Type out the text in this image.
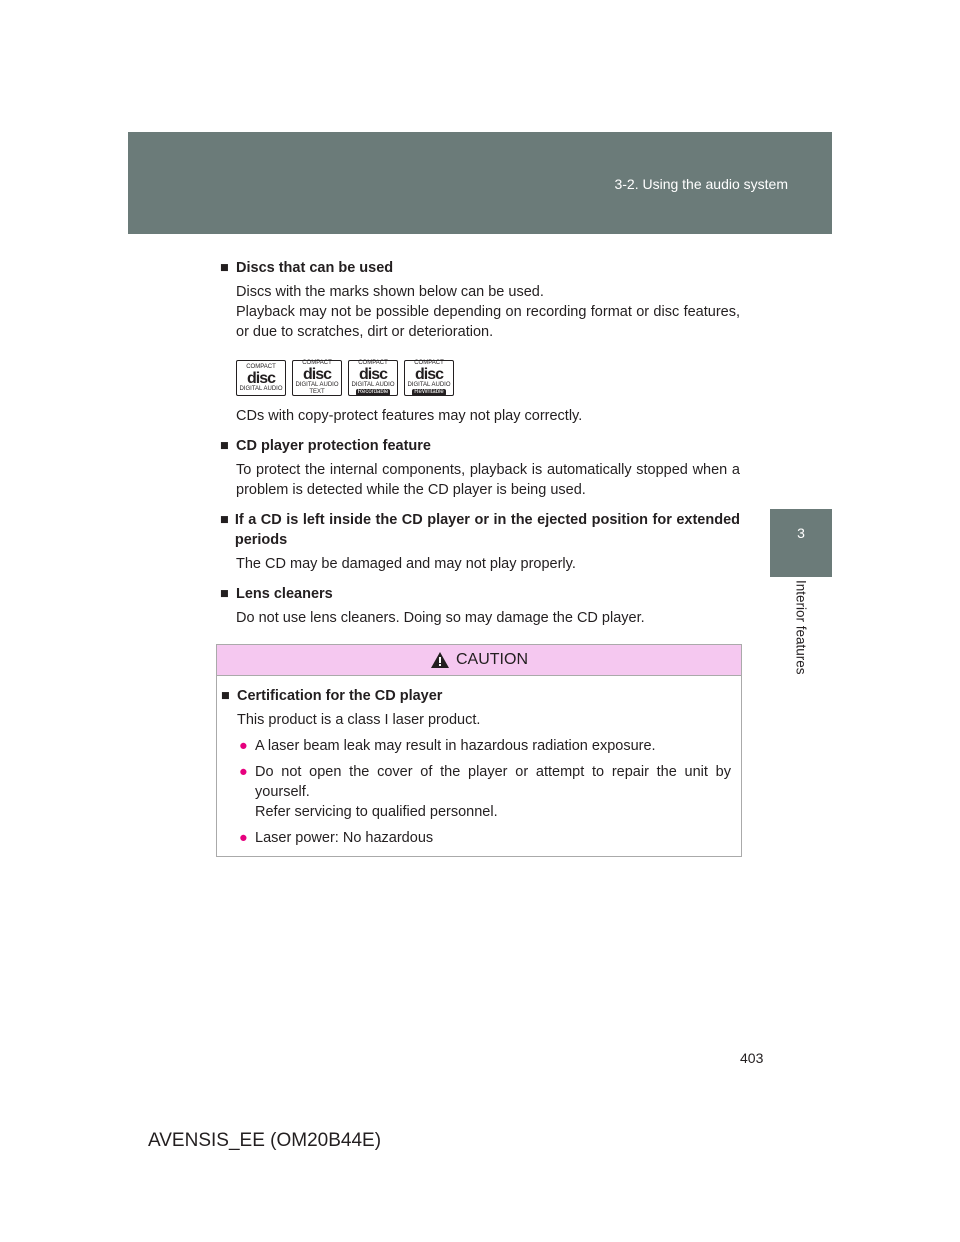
3-2. Using the audio system
3
Interior features

■ Discs that can be used

Discs with the marks shown below can be used.

Playback may not be possible depending on recording format or disc features, or due to scratches, dirt or deterioration.

COMPACT
disc
DIGITAL AUDIO
COMPACT
disc
DIGITAL AUDIO
TEXT
COMPACT
disc
DIGITAL AUDIO
Recordable
COMPACT
disc
DIGITAL AUDIO
ReWritable

CDs with copy-protect features may not play correctly.

■ CD player protection feature

To protect the internal components, playback is automatically stopped when a problem is detected while the CD player is being used.

■ If a CD is left inside the CD player or in the ejected position for extended periods

The CD may be damaged and may not play properly.

■ Lens cleaners

Do not use lens cleaners. Doing so may damage the CD player.

CAUTION

■ Certification for the CD player

This product is a class I laser product.

● A laser beam leak may result in hazardous radiation exposure.
● Do not open the cover of the player or attempt to repair the unit by yourself.
Refer servicing to qualified personnel.
● Laser power: No hazardous
403
AVENSIS_EE (OM20B44E)
